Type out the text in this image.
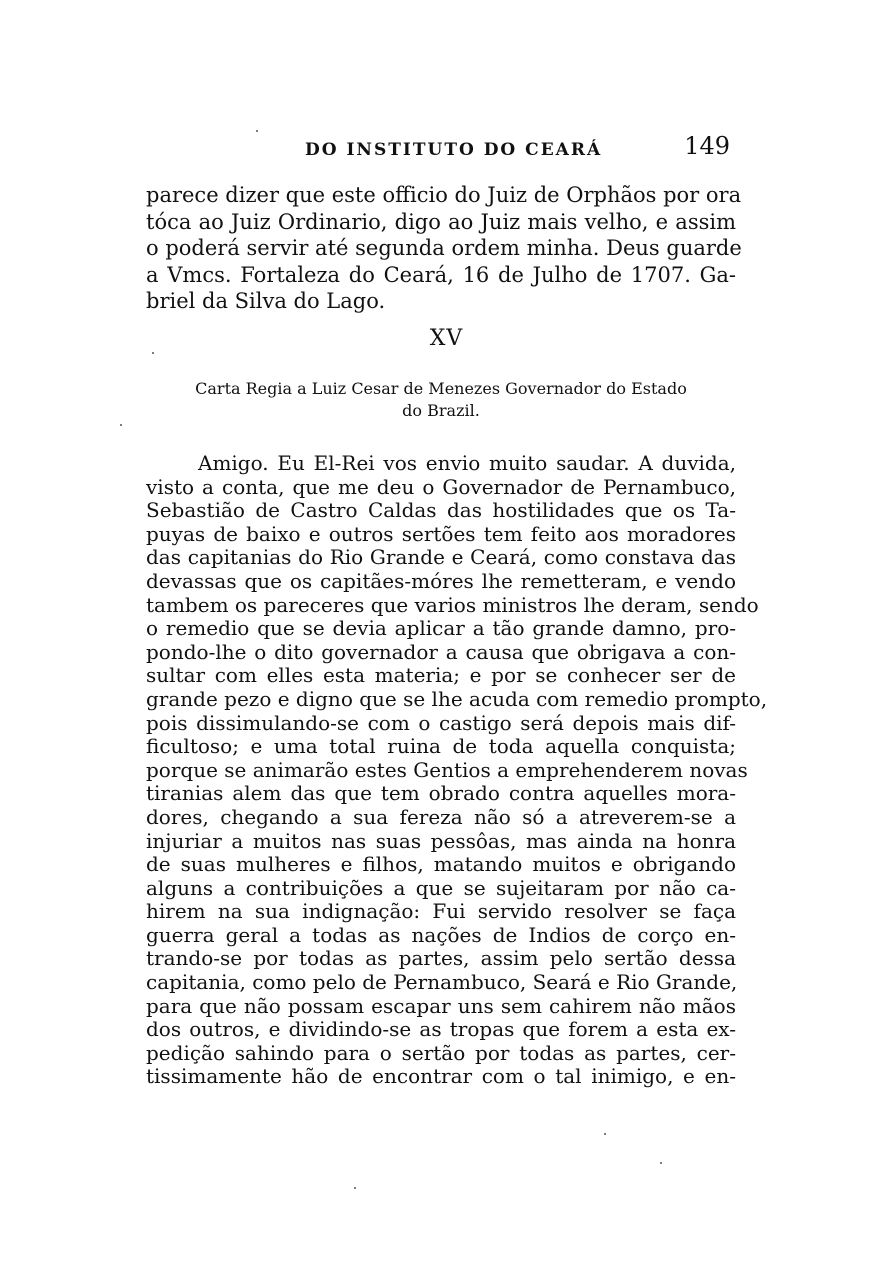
DO INSTITUTO DO CEARÁ	149
parece dizer que este officio do Juiz de Orphãos por ora
tóca ao Juiz Ordinario, digo ao Juiz mais velho, e assim
o poderá servir até segunda ordem minha. Deus guarde
a Vmcs. Fortaleza do Ceará, 16 de Julho de 1707. Ga-
briel da Silva do Lago.
XV
Carta Regia a Luiz Cesar de Menezes Governador do Estado
do Brazil.
Amigo. Eu El-Rei vos envio muito saudar. A duvida,
visto a conta, que me deu o Governador de Pernambuco,
Sebastião de Castro Caldas das hostilidades que os Ta-
puyas de baixo e outros sertões tem feito aos moradores
das capitanias do Rio Grande e Ceará, como constava das
devassas que os capitães-móres lhe remetteram, e vendo
tambem os pareceres que varios ministros lhe deram, sendo
o remedio que se devia aplicar a tão grande damno, pro-
pondo-lhe o dito governador a causa que obrigava a con-
sultar com elles esta materia; e por se conhecer ser de
grande pezo e digno que se lhe acuda com remedio prompto,
pois dissimulando-se com o castigo será depois mais dif-
ficultoso; e uma total ruina de toda aquella conquista;
porque se animarão estes Gentios a emprehenderem novas
tiranias alem das que tem obrado contra aquelles mora-
dores, chegando a sua fereza não só a atreverem-se a
injuriar a muitos nas suas pessôas, mas ainda na honra
de suas mulheres e filhos, matando muitos e obrigando
alguns a contribuições a que se sujeitaram por não ca-
hirem na sua indignação: Fui servido resolver se faça
guerra geral a todas as nações de Indios de corço en-
trando-se por todas as partes, assim pelo sertão dessa
capitania, como pelo de Pernambuco, Seará e Rio Grande,
para que não possam escapar uns sem cahirem não mãos
dos outros, e dividindo-se as tropas que forem a esta ex-
pedição sahindo para o sertão por todas as partes, cer-
tissimamente hão de encontrar com o tal inimigo, e en-
